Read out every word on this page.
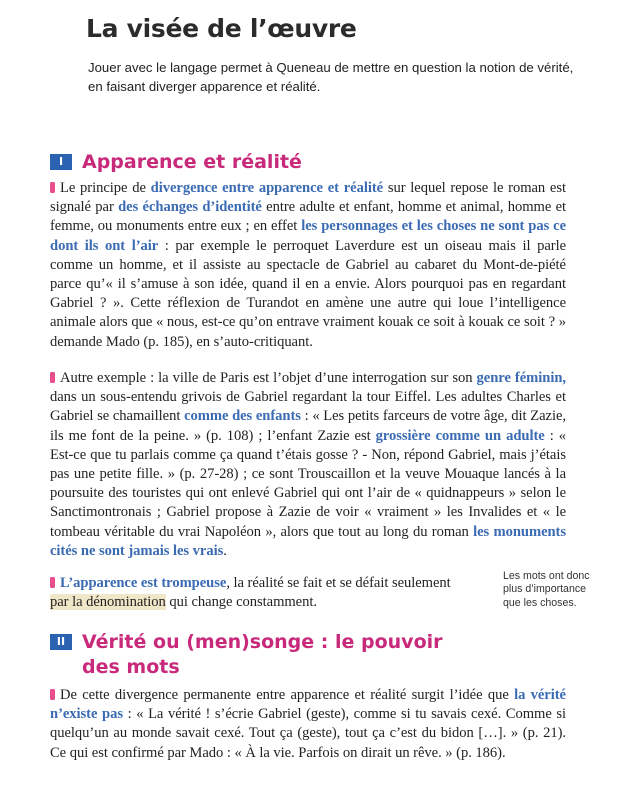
La visée de l’œuvre

Jouer avec le langage permet à Queneau de mettre en question la notion de vérité, en faisant diverger apparence et réalité.

I Apparence et réalité

Le principe de divergence entre apparence et réalité sur lequel repose le roman est signalé par des échanges d’identité entre adulte et enfant, homme et animal, homme et femme, ou monuments entre eux ; en effet les personnages et les choses ne sont pas ce dont ils ont l’air : par exemple le perroquet Laverdure est un oiseau mais il parle comme un homme, et il assiste au spectacle de Gabriel au cabaret du Mont-de-piété parce qu’« il s’amuse à son idée, quand il en a envie. Alors pourquoi pas en regardant Gabriel ? ». Cette réflexion de Turandot en amène une autre qui loue l’intelligence animale alors que « nous, est-ce qu’on entrave vraiment kouak ce soit à kouak ce soit ? » demande Mado (p. 185), en s’auto-critiquant.

Autre exemple : la ville de Paris est l’objet d’une interrogation sur son genre féminin, dans un sous-entendu grivois de Gabriel regardant la tour Eiffel. Les adultes Charles et Gabriel se chamaillent comme des enfants : « Les petits farceurs de votre âge, dit Zazie, ils me font de la peine. » (p. 108) ; l’enfant Zazie est grossière comme un adulte : « Est-ce que tu parlais comme ça quand t’étais gosse ? - Non, répond Gabriel, mais j’étais pas une petite fille. » (p. 27-28) ; ce sont Trouscaillon et la veuve Mouaque lancés à la poursuite des touristes qui ont enlevé Gabriel qui ont l’air de « quidnappeurs » selon le Sanctimontronais ; Gabriel propose à Zazie de voir « vraiment » les Invalides et « le tombeau véritable du vrai Napoléon », alors que tout au long du roman les monuments cités ne sont jamais les vrais.

L’apparence est trompeuse, la réalité se fait et se défait seulement par la dénomination qui change constamment.

Les mots ont donc plus d’importance que les choses.

II Vérité ou (men)songe : le pouvoir des mots

De cette divergence permanente entre apparence et réalité surgit l’idée que la vérité n’existe pas : « La vérité ! s’écrie Gabriel (geste), comme si tu savais cexé. Comme si quelqu’un au monde savait cexé. Tout ça (geste), tout ça c’est du bidon […]. » (p. 21). Ce qui est confirmé par Mado : « À la vie. Parfois on dirait un rêve. » (p. 186).
